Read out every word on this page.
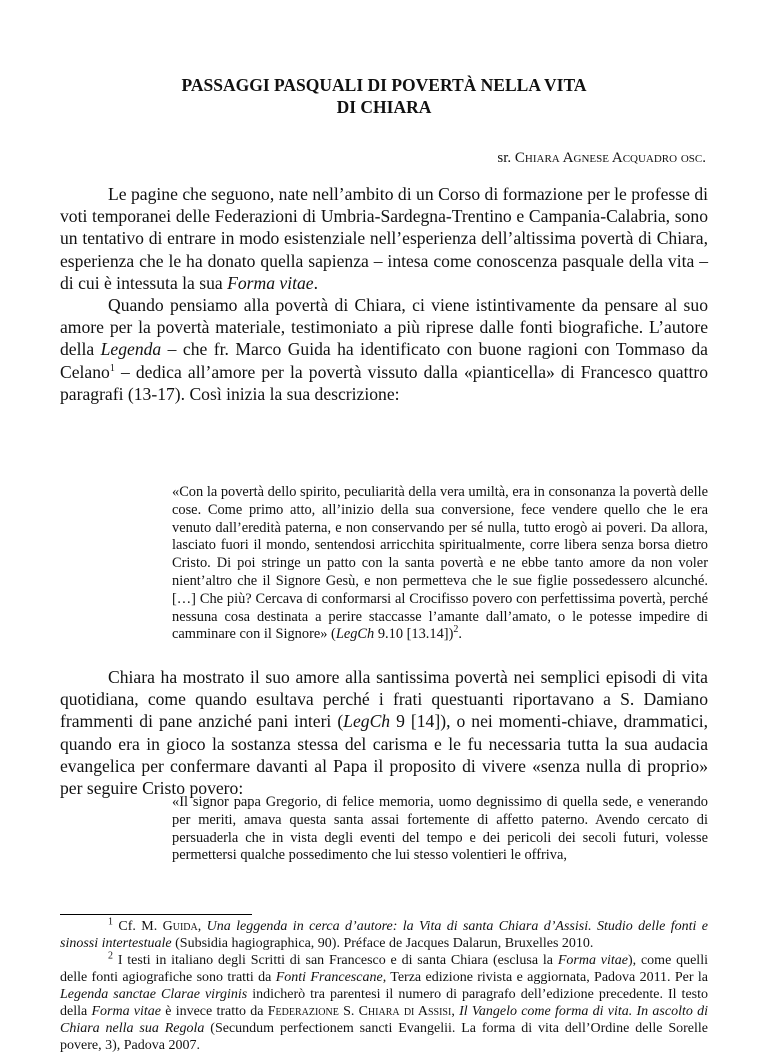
PASSAGGI PASQUALI DI POVERTÀ NELLA VITA
DI CHIARA
sr. Chiara Agnese Acquadro osc.

Le pagine che seguono, nate nell’ambito di un Corso di formazione per le professe di voti temporanei delle Federazioni di Umbria-Sardegna-Trentino e Campania-Calabria, sono un tentativo di entrare in modo esistenziale nell’esperienza dell’altissima povertà di Chiara, esperienza che le ha donato quella sapienza – intesa come conoscenza pasquale della vita – di cui è intessuta la sua Forma vitae.

Quando pensiamo alla povertà di Chiara, ci viene istintivamente da pensare al suo amore per la povertà materiale, testimoniato a più riprese dalle fonti biografiche. L’autore della Legenda – che fr. Marco Guida ha identificato con buone ragioni con Tommaso da Celano$^1$ – dedica all’amore per la povertà vissuto dalla «pianticella» di Francesco quattro paragrafi (13-17). Così inizia la sua descrizione:

«Con la povertà dello spirito, peculiarità della vera umiltà, era in consonanza la povertà delle cose. Come primo atto, all’inizio della sua conversione, fece vendere quello che le era venuto dall’eredità paterna, e non conservando per sé nulla, tutto erogò ai poveri. Da allora, lasciato fuori il mondo, sentendosi arricchita spiritualmente, corre libera senza borsa dietro Cristo. Di poi stringe un patto con la santa povertà e ne ebbe tanto amore da non voler nient’altro che il Signore Gesù, e non permetteva che le sue figlie possedessero alcunché. […] Che più? Cercava di conformarsi al Crocifisso povero con perfettissima povertà, perché nessuna cosa destinata a perire staccasse l’amante dall’amato, o le potesse impedire di camminare con il Signore» (LegCh 9.10 [13.14])$^2$.

Chiara ha mostrato il suo amore alla santissima povertà nei semplici episodi di vita quotidiana, come quando esultava perché i frati questuanti riportavano a S. Damiano frammenti di pane anziché pani interi (LegCh 9 [14]), o nei momenti-chiave, drammatici, quando era in gioco la sostanza stessa del carisma e le fu necessaria tutta la sua audacia evangelica per confermare davanti al Papa il proposito di vivere «senza nulla di proprio» per seguire Cristo povero:

«Il signor papa Gregorio, di felice memoria, uomo degnissimo di quella sede, e venerando per meriti, amava questa santa assai fortemente di affetto paterno. Avendo cercato di persuaderla che in vista degli eventi del tempo e dei pericoli dei secoli futuri, volesse permettersi qualche possedimento che lui stesso volentieri le offriva,

$^1$ Cf. M. Guida, Una leggenda in cerca d’autore: la Vita di santa Chiara d’Assisi. Studio delle fonti e sinossi intertestuale (Subsidia hagiographica, 90). Préface de Jacques Dalarun, Bruxelles 2010.

$^2$ I testi in italiano degli Scritti di san Francesco e di santa Chiara (esclusa la Forma vitae), come quelli delle fonti agiografiche sono tratti da Fonti Francescane, Terza edizione rivista e aggiornata, Padova 2011. Per la Legenda sanctae Clarae virginis indicherò tra parentesi il numero di paragrafo dell’edizione precedente. Il testo della Forma vitae è invece tratto da Federazione S. Chiara di Assisi, Il Vangelo come forma di vita. In ascolto di Chiara nella sua Regola (Secundum perfectionem sancti Evangelii. La forma di vita dell’Ordine delle Sorelle povere, 3), Padova 2007.
